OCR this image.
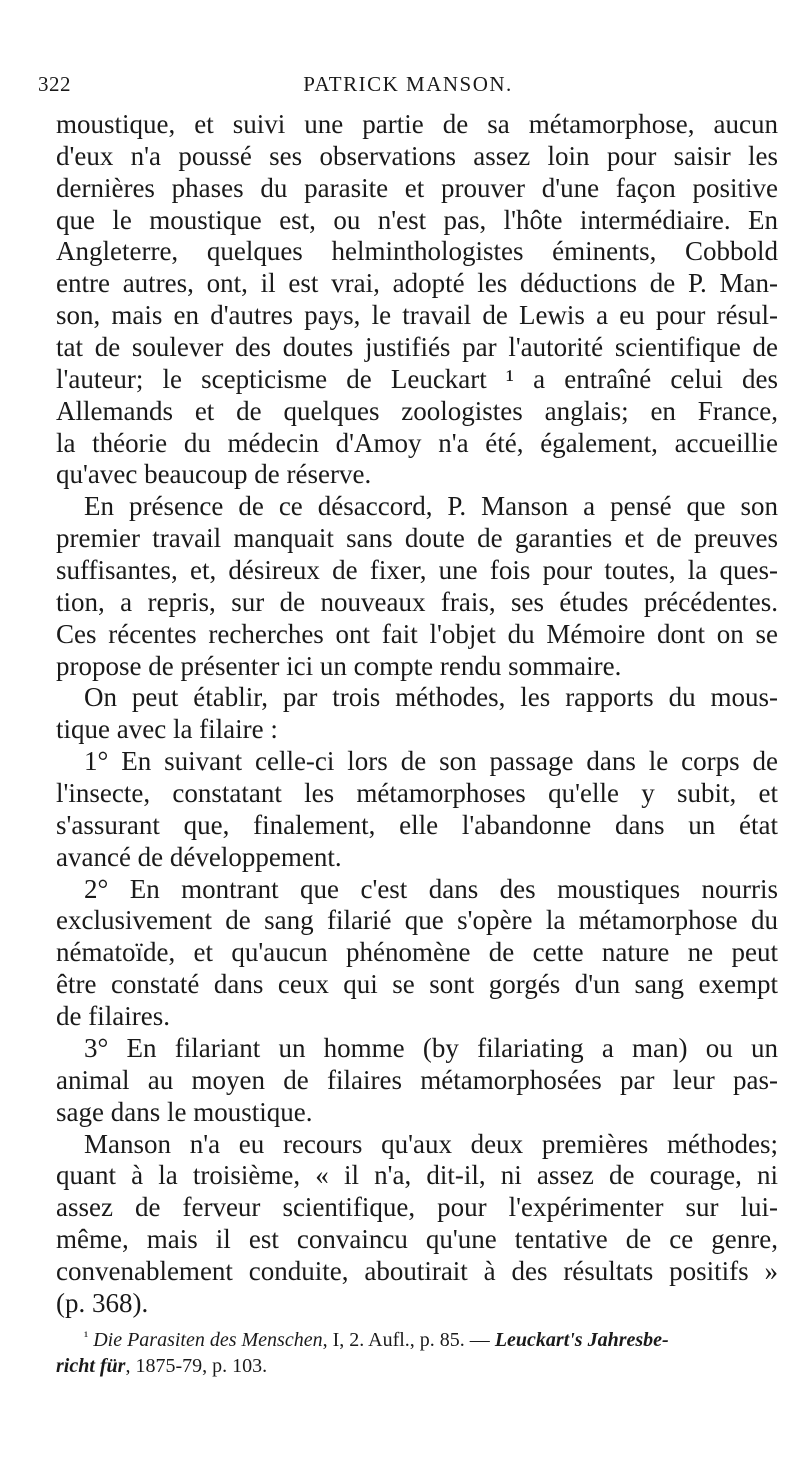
322	PATRICK MANSON.
moustique, et suivi une partie de sa métamorphose, aucun
d'eux n'a poussé ses observations assez loin pour saisir les
dernières phases du parasite et prouver d'une façon positive
que le moustique est, ou n'est pas, l'hôte intermédiaire. En
Angleterre, quelques helminthologistes éminents, Cobbold
entre autres, ont, il est vrai, adopté les déductions de P. Man-
son, mais en d'autres pays, le travail de Lewis a eu pour résul-
tat de soulever des doutes justifiés par l'autorité scientifique de
l'auteur; le scepticisme de Leuckart ¹ a entraîné celui des
Allemands et de quelques zoologistes anglais; en France,
la théorie du médecin d'Amoy n'a été, également, accueillie
qu'avec beaucoup de réserve.
En présence de ce désaccord, P. Manson a pensé que son
premier travail manquait sans doute de garanties et de preuves
suffisantes, et, désireux de fixer, une fois pour toutes, la ques-
tion, a repris, sur de nouveaux frais, ses études précédentes.
Ces récentes recherches ont fait l'objet du Mémoire dont on se
propose de présenter ici un compte rendu sommaire.
On peut établir, par trois méthodes, les rapports du mous-
tique avec la filaire :
1° En suivant celle-ci lors de son passage dans le corps de
l'insecte, constatant les métamorphoses qu'elle y subit, et
s'assurant que, finalement, elle l'abandonne dans un état
avancé de développement.
2° En montrant que c'est dans des moustiques nourris
exclusivement de sang filarié que s'opère la métamorphose du
nématoïde, et qu'aucun phénomène de cette nature ne peut
être constaté dans ceux qui se sont gorgés d'un sang exempt
de filaires.
3° En filariant un homme (by filariating a man) ou un
animal au moyen de filaires métamorphosées par leur pas-
sage dans le moustique.
Manson n'a eu recours qu'aux deux premières méthodes;
quant à la troisième, « il n'a, dit-il, ni assez de courage, ni
assez de ferveur scientifique, pour l'expérimenter sur lui-
même, mais il est convaincu qu'une tentative de ce genre,
convenablement conduite, aboutirait à des résultats positifs »
(p. 368).
$^{^1}$ Die Parasiten des Menschen, I, 2. Aufl., p. 85. — Leuckart's Jahresbe-
richt für, 1875-79, p. 103.
